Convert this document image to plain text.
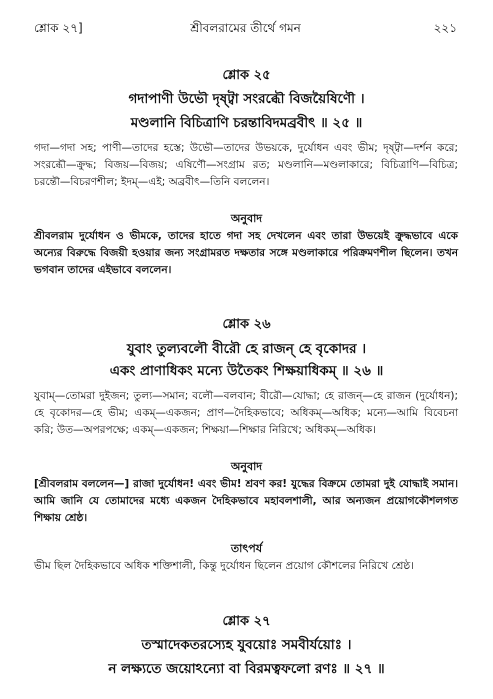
শ্লোক ২৭]	শ্রীবলরামের তীর্থে গমন	২২১
শ্লোক ২৫
গদাপাণী উভৌ দৃষ্ট্বা সংরব্ধৌ বিজয়ৈষিণৌ ।
মণ্ডলানি বিচিত্রাণি চরন্তাবিদমব্রবীৎ ॥ ২৫ ॥

গদা—গদা সহ; পাণী—তাদের হস্তে; উভৌ—তাদের উভয়কে, দুর্যোধন এবং ভীম; দৃষ্ট্বা—দর্শন করে; সংরব্ধৌ—ক্রুদ্ধ; বিজয়—বিজয়; এষিণৌ—সংগ্রাম রত; মণ্ডলানি—মণ্ডলাকারে; বিচিত্রাণি—বিচিত্র; চরন্তৌ—বিচরণশীল; ইদম্—এই; অব্রবীৎ—তিনি বললেন।

অনুবাদ

শ্রীবলরাম দুর্যোধন ও ভীমকে, তাদের হাতে গদা সহ দেখলেন এবং তারা উভয়েই ক্রুদ্ধভাবে একে অন্যের বিরুদ্ধে বিজয়ী হওয়ার জন্য সংগ্রামরত দক্ষতার সঙ্গে মণ্ডলাকারে পরিক্রমণশীল ছিলেন। তখন ভগবান তাদের এইভাবে বললেন।

শ্লোক ২৬
যুবাং তুল্যবলৌ বীরৌ হে রাজন্ হে বৃকোদর ।
একং প্রাণাধিকং মন্যে উতৈকং শিক্ষয়াধিকম্ ॥ ২৬ ॥

যুবাম্—তোমরা দুইজন; তুল্য—সমান; বলৌ—বলবান; বীরৌ—যোদ্ধা; হে রাজন্—হে রাজন (দুর্যোধন); হে বৃকোদর—হে ভীম; একম্—একজন; প্রাণ—দৈহিকভাবে; অধিকম্—অধিক; মন্যে—আমি বিবেচনা করি; উত—অপরপক্ষে; একম্—একজন; শিক্ষয়া—শিক্ষার নিরিখে; অধিকম্—অধিক।

অনুবাদ

[শ্রীবলরাম বললেন—] রাজা দুর্যোধন! এবং ভীম! শ্রবণ কর! যুদ্ধের বিক্রমে তোমরা দুই যোদ্ধাই সমান। আমি জানি যে তোমাদের মধ্যে একজন দৈহিকভাবে মহাবলশালী, আর অন্যজন প্রয়োগকৌশলগত শিক্ষায় শ্রেষ্ঠ।

তাৎপর্য

ভীম ছিল দৈহিকভাবে অধিক শক্তিশালী, কিন্তু দুর্যোধন ছিলেন প্রয়োগ কৌশলের নিরিখে শ্রেষ্ঠ।

শ্লোক ২৭
তস্মাদেকতরস্যেহ যুবয়োঃ সমবীর্যয়োঃ ।
ন লক্ষ্যতে জয়োঽন্যো বা বিরমত্বফলো রণঃ ॥ ২৭ ॥
